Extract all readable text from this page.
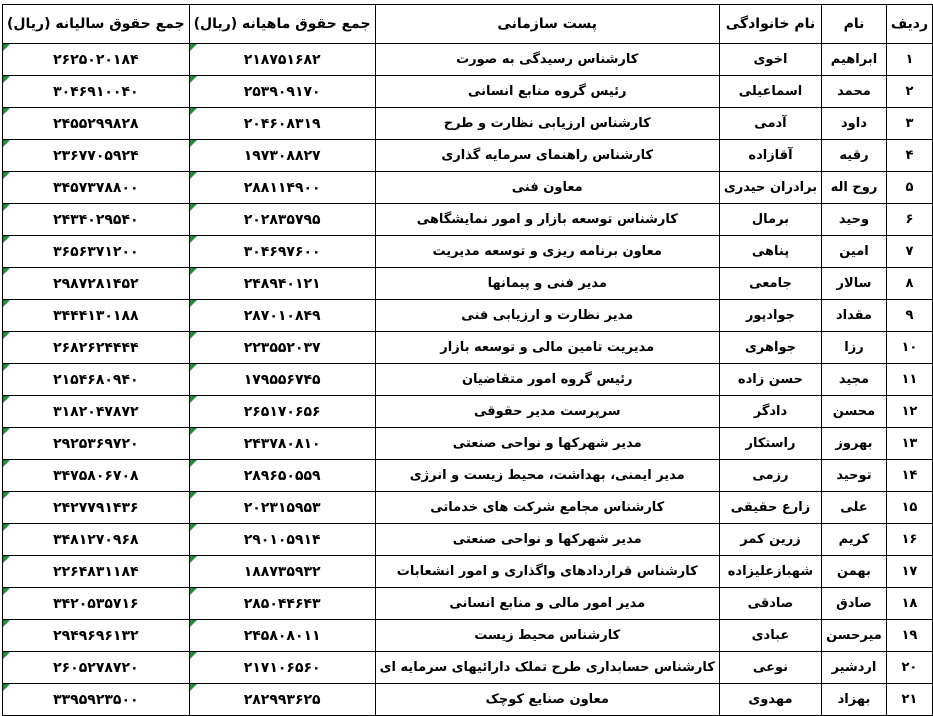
ردیف	نام	نام خانوادگی	پست سازمانی	جمع حقوق ماهیانه (ریال)	جمع حقوق سالیانه (ریال)
۱	ابراهیم	اخوی	کارشناس رسیدگی به صورت	۲۱۸۷۵۱۶۸۲	۲۶۲۵۰۲۰۱۸۴
۲	محمد	اسماعیلی	رئیس گروه منابع انسانی	۲۵۳۹۰۹۱۷۰	۳۰۴۶۹۱۰۰۴۰
۳	داود	آدمی	کارشناس ارزیابی نظارت و طرح	۲۰۴۶۰۸۳۱۹	۲۴۵۵۲۹۹۸۲۸
۴	رقیه	آقازاده	کارشناس راهنمای سرمایه گذاری	۱۹۷۳۰۸۸۲۷	۲۳۶۷۷۰۵۹۲۴
۵	روح اله	برادران حیدری	معاون فنی	۲۸۸۱۱۴۹۰۰	۳۴۵۷۳۷۸۸۰۰
۶	وحید	برمال	کارشناس توسعه بازار و امور نمایشگاهی	۲۰۲۸۳۵۷۹۵	۲۴۳۴۰۲۹۵۴۰
۷	امین	پناهی	معاون برنامه ریزی و توسعه مدیریت	۳۰۴۶۹۷۶۰۰	۳۶۵۶۳۷۱۲۰۰
۸	سالار	جامعی	مدیر فنی و پیمانها	۲۴۸۹۴۰۱۲۱	۲۹۸۷۲۸۱۴۵۲
۹	مقداد	جوادپور	مدیر نظارت و ارزیابی فنی	۲۸۷۰۱۰۸۴۹	۳۴۴۴۱۳۰۱۸۸
۱۰	رزا	جواهری	مدیریت تامین مالی و توسعه بازار	۲۲۳۵۵۲۰۳۷	۲۶۸۲۶۲۴۴۴۴
۱۱	مجید	حسن زاده	رئیس گروه امور متقاضیان	۱۷۹۵۵۶۷۴۵	۲۱۵۴۶۸۰۹۴۰
۱۲	محسن	دادگر	سرپرست مدیر حقوقی	۲۶۵۱۷۰۶۵۶	۳۱۸۲۰۴۷۸۷۲
۱۳	بهروز	راستکار	مدیر شهرکها و نواحی صنعتی	۲۴۳۷۸۰۸۱۰	۲۹۲۵۳۶۹۷۲۰
۱۴	توحید	رزمی	مدیر ایمنی، بهداشت، محیط زیست و انرژی	۲۸۹۶۵۰۵۵۹	۳۴۷۵۸۰۶۷۰۸
۱۵	علی	زارع حقیقی	کارشناس مجامع شرکت های خدماتی	۲۰۲۳۱۵۹۵۳	۲۴۲۷۷۹۱۴۳۶
۱۶	کریم	زرین کمر	مدیر شهرکها و نواحی صنعتی	۲۹۰۱۰۵۹۱۴	۳۴۸۱۲۷۰۹۶۸
۱۷	بهمن	شهبازعلیزاده	کارشناس قراردادهای واگذاری و امور انشعابات	۱۸۸۷۳۵۹۳۲	۲۲۶۴۸۳۱۱۸۴
۱۸	صادق	صادقی	مدیر امور مالی و منابع انسانی	۲۸۵۰۴۴۶۴۳	۳۴۲۰۵۳۵۷۱۶
۱۹	میرحسن	عبادی	کارشناس محیط زیست	۲۴۵۸۰۸۰۱۱	۲۹۴۹۶۹۶۱۳۲
۲۰	اردشیر	نوعی	کارشناس حسابداری طرح تملک دارائیهای سرمایه ای	۲۱۷۱۰۶۵۶۰	۲۶۰۵۲۷۸۷۲۰
۲۱	بهزاد	مهدوی	معاون صنایع کوچک	۲۸۲۹۹۳۶۲۵	۳۳۹۵۹۲۳۵۰۰
